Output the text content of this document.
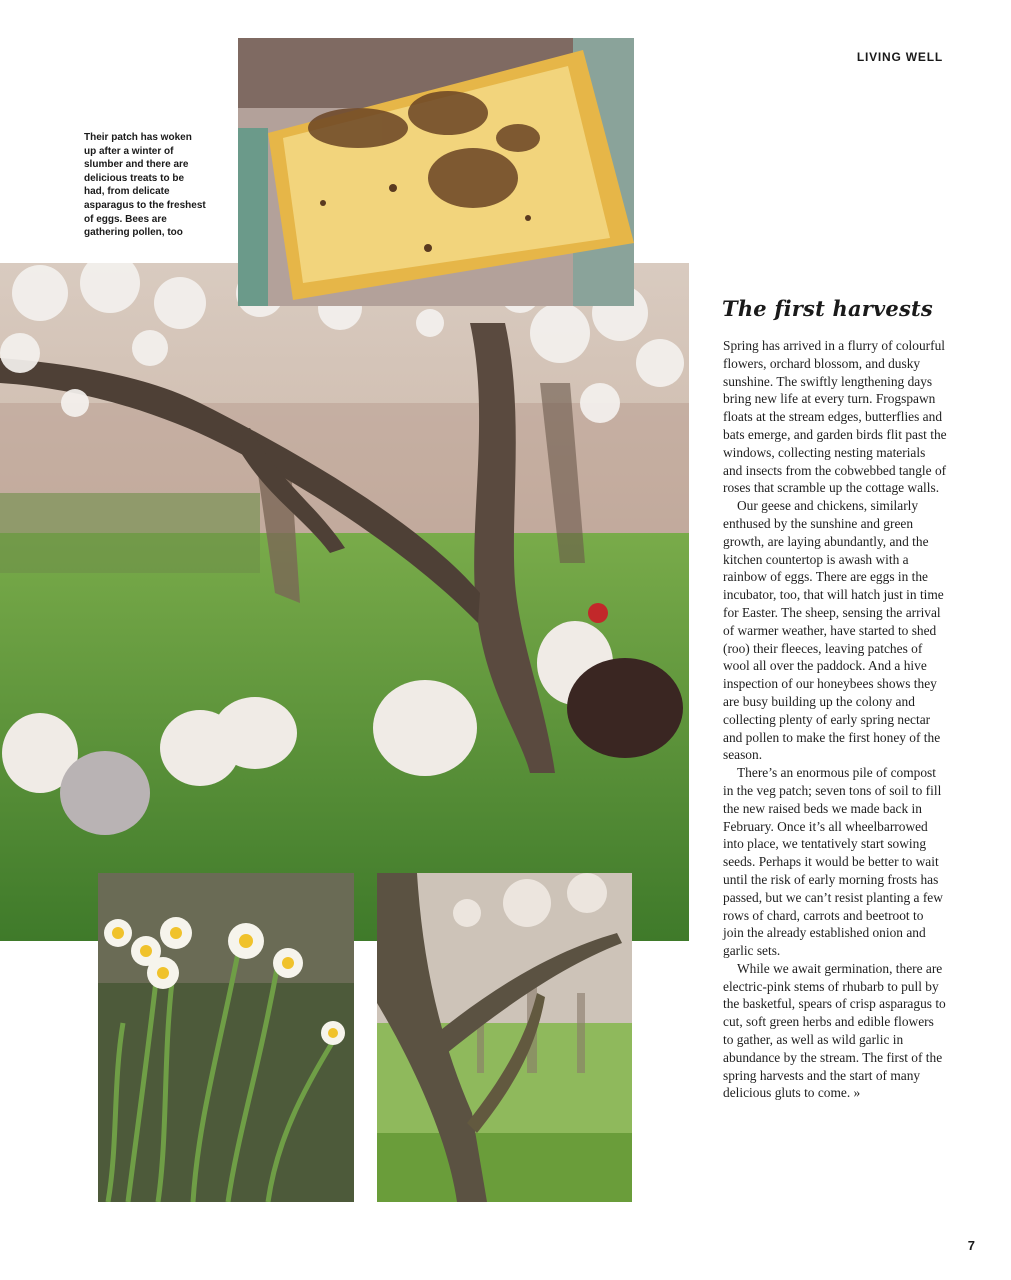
LIVING WELL
Their patch has woken up after a winter of slumber and there are delicious treats to be had, from delicate asparagus to the freshest of eggs. Bees are gathering pollen, too
The first harvests

Spring has arrived in a flurry of colourful flowers, orchard blossom, and dusky sunshine. The swiftly lengthening days bring new life at every turn. Frogspawn floats at the stream edges, butterflies and bats emerge, and garden birds flit past the windows, collecting nesting materials and insects from the cobwebbed tangle of roses that scramble up the cottage walls.

Our geese and chickens, similarly enthused by the sunshine and green growth, are laying abundantly, and the kitchen countertop is awash with a rainbow of eggs. There are eggs in the incubator, too, that will hatch just in time for Easter. The sheep, sensing the arrival of warmer weather, have started to shed (roo) their fleeces, leaving patches of wool all over the paddock. And a hive inspection of our honeybees shows they are busy building up the colony and collecting plenty of early spring nectar and pollen to make the first honey of the season.

There’s an enormous pile of compost in the veg patch; seven tons of soil to fill the new raised beds we made back in February. Once it’s all wheelbarrowed into place, we tentatively start sowing seeds. Perhaps it would be better to wait until the risk of early morning frosts has passed, but we can’t resist planting a few rows of chard, carrots and beetroot to join the already established onion and garlic sets.

While we await germination, there are electric-pink stems of rhubarb to pull by the basketful, spears of crisp asparagus to cut, soft green herbs and edible flowers to gather, as well as wild garlic in abundance by the stream. The first of the spring harvests and the start of many delicious gluts to come. »

7
